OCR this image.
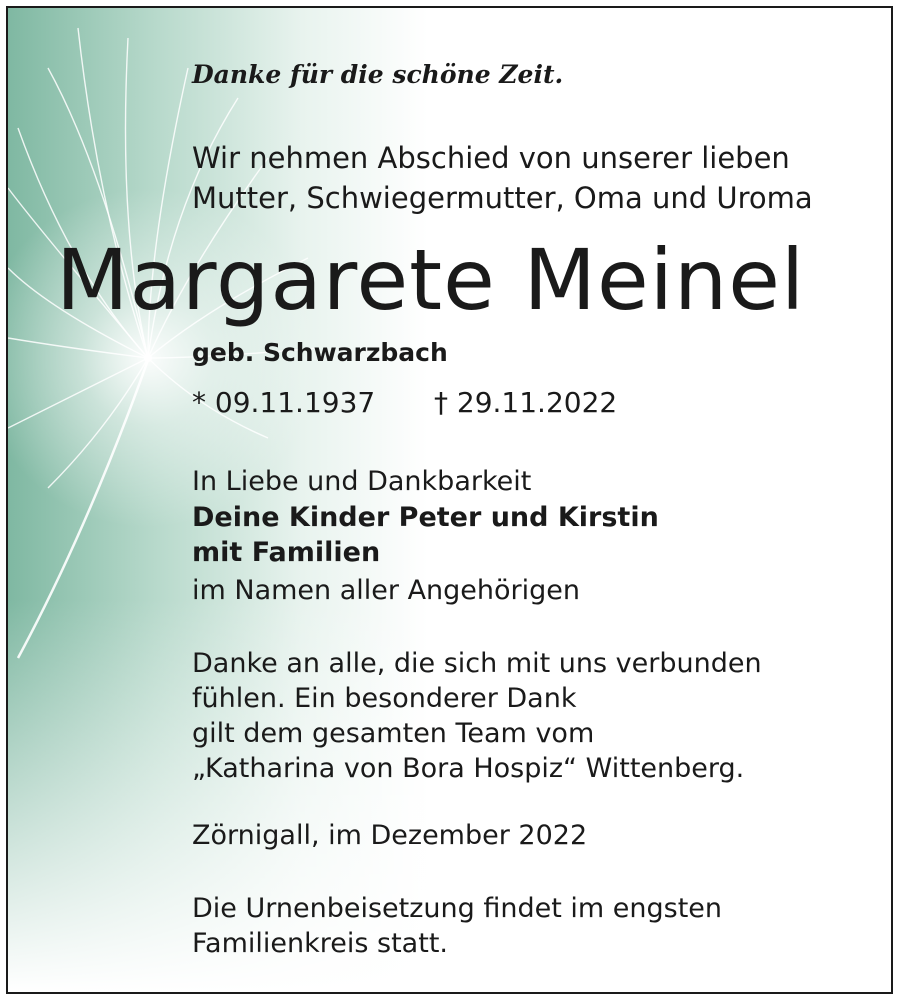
Danke für die schöne Zeit.
Wir nehmen Abschied von unserer lieben
Mutter, Schwiegermutter, Oma und Uroma
Margarete Meinel
geb. Schwarzbach
* 09.11.1937 † 29.11.2022
In Liebe und Dankbarkeit
Deine Kinder Peter und Kirstin
mit Familien
im Namen aller Angehörigen
Danke an alle, die sich mit uns verbunden
fühlen. Ein besonderer Dank
gilt dem gesamten Team vom
„Katharina von Bora Hospiz“ Wittenberg.
Zörnigall, im Dezember 2022
Die Urnenbeisetzung findet im engsten
Familienkreis statt.
